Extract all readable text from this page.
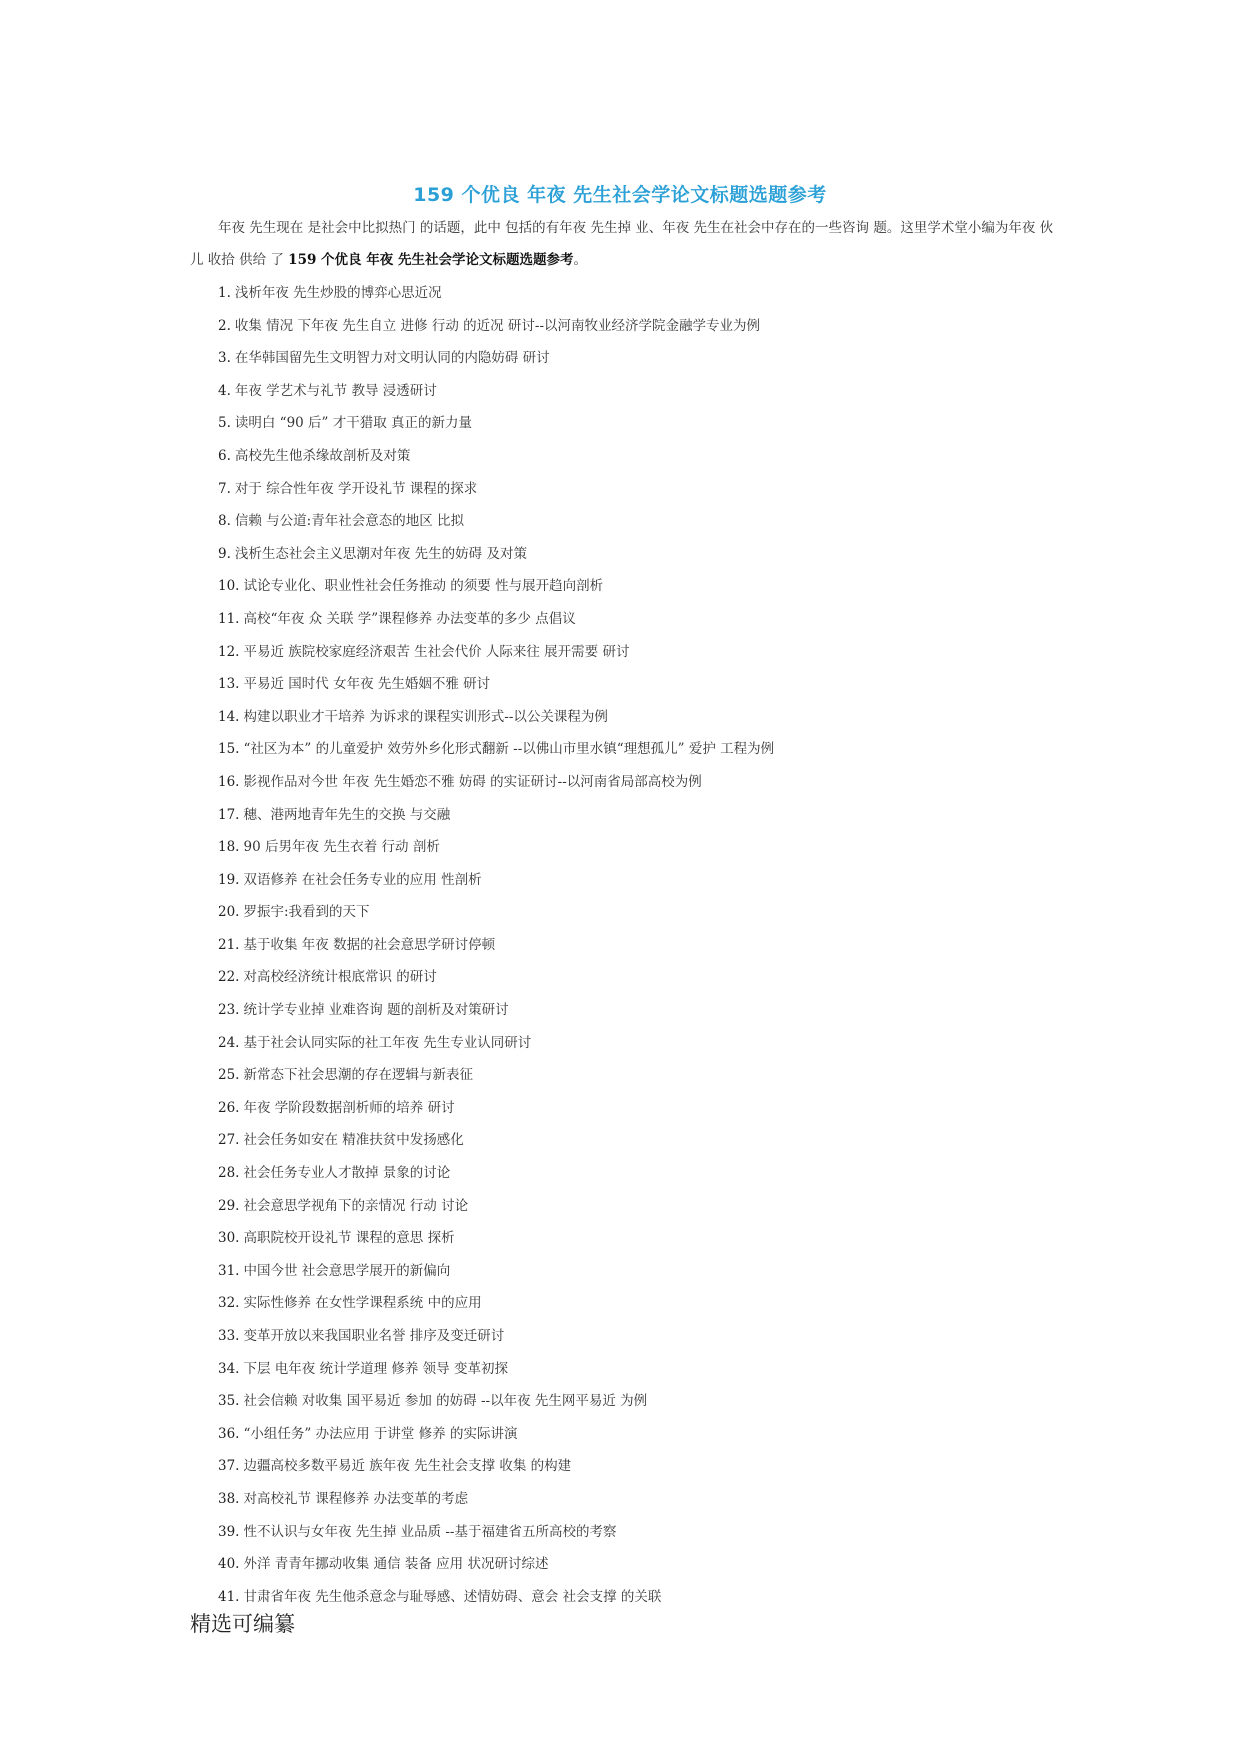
159 个优良 年夜 先生社会学论文标题选题参考
年夜 先生现在 是社会中比拟热门 的话题，此中 包括的有年夜 先生掉 业、年夜 先生在社会中存在的一些咨询 题。这里学术堂小编为年夜 伙儿 收拾 供给 了 159 个优良 年夜 先生社会学论文标题选题参考。
1. 浅析年夜 先生炒股的博弈心思近况
2. 收集 情况 下年夜 先生自立 进修 行动 的近况 研讨--以河南牧业经济学院金融学专业为例
3. 在华韩国留先生文明智力对文明认同的内隐妨碍 研讨
4. 年夜 学艺术与礼节 教导 浸透研讨
5. 读明白 “90 后” 才干猎取 真正的新力量
6. 高校先生他杀缘故剖析及对策
7. 对于 综合性年夜 学开设礼节 课程的探求
8. 信赖 与公道:青年社会意态的地区 比拟
9. 浅析生态社会主义思潮对年夜 先生的妨碍 及对策
10. 试论专业化、职业性社会任务推动 的须要 性与展开趋向剖析
11. 高校“年夜 众 关联 学”课程修养 办法变革的多少 点倡议
12. 平易近 族院校家庭经济艰苦 生社会代价 人际来往 展开需要 研讨
13. 平易近 国时代 女年夜 先生婚姻不雅 研讨
14. 构建以职业才干培养 为诉求的课程实训形式--以公关课程为例
15. “社区为本” 的儿童爱护 效劳外乡化形式翻新 --以佛山市里水镇“理想孤儿” 爱护 工程为例
16. 影视作品对今世 年夜 先生婚恋不雅 妨碍 的实证研讨--以河南省局部高校为例
17. 穗、港两地青年先生的交换 与交融
18. 90 后男年夜 先生衣着 行动 剖析
19. 双语修养 在社会任务专业的应用 性剖析
20. 罗振宇:我看到的天下
21. 基于收集 年夜 数据的社会意思学研讨停顿
22. 对高校经济统计根底常识 的研讨
23. 统计学专业掉 业难咨询 题的剖析及对策研讨
24. 基于社会认同实际的社工年夜 先生专业认同研讨
25. 新常态下社会思潮的存在逻辑与新表征
26. 年夜 学阶段数据剖析师的培养 研讨
27. 社会任务如安在 精准扶贫中发扬感化
28. 社会任务专业人才散掉 景象的讨论
29. 社会意思学视角下的亲情况 行动 讨论
30. 高职院校开设礼节 课程的意思 探析
31. 中国今世 社会意思学展开的新偏向
32. 实际性修养 在女性学课程系统 中的应用
33. 变革开放以来我国职业名誉 排序及变迁研讨
34. 下层 电年夜 统计学道理 修养 领导 变革初探
35. 社会信赖 对收集 国平易近 参加 的妨碍 --以年夜 先生网平易近 为例
36. “小组任务” 办法应用 于讲堂 修养 的实际讲演
37. 边疆高校多数平易近 族年夜 先生社会支撑 收集 的构建
38. 对高校礼节 课程修养 办法变革的考虑
39. 性不认识与女年夜 先生掉 业品质 --基于福建省五所高校的考察
40. 外洋 青青年挪动收集 通信 装备 应用 状况研讨综述
41. 甘肃省年夜 先生他杀意念与耻辱感、述情妨碍、意会 社会支撑 的关联
精选可编纂
